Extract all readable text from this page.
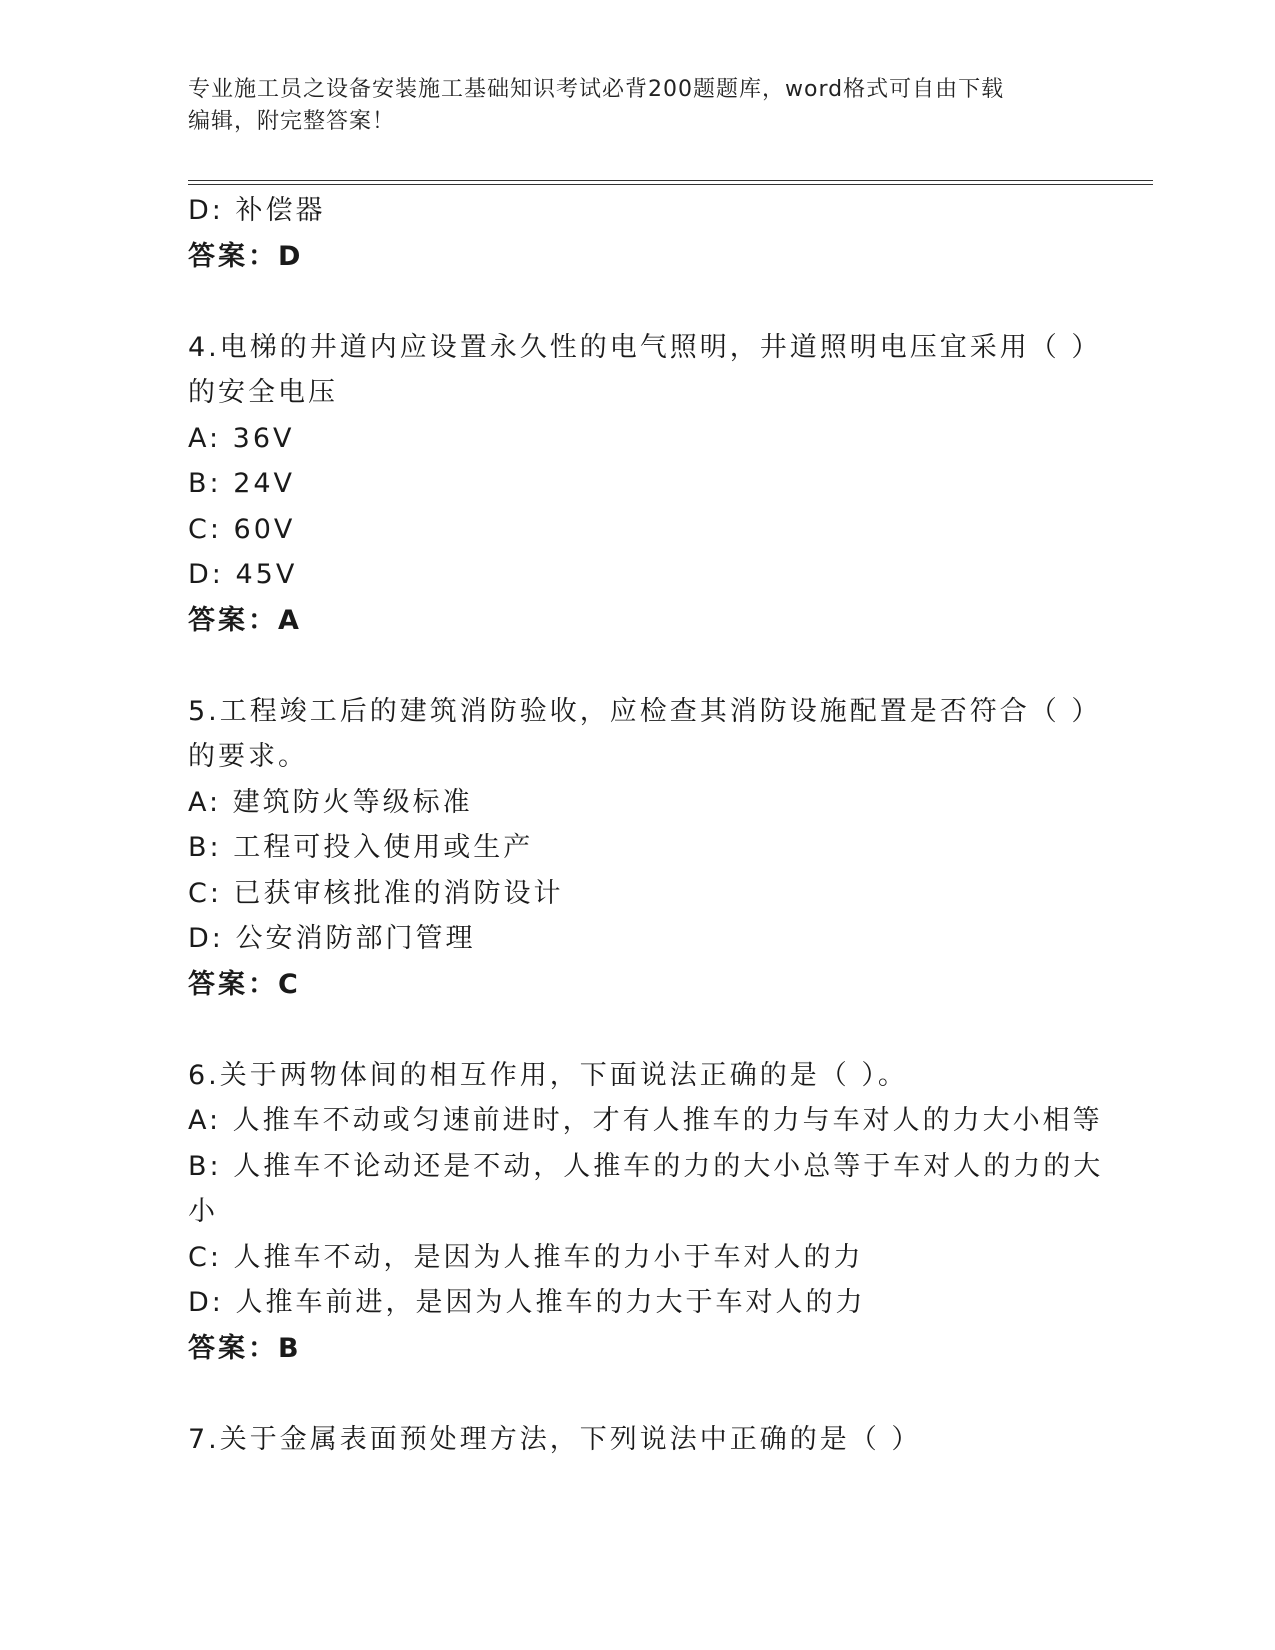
专业施工员之设备安装施工基础知识考试必背200题题库，word格式可自由下载
编辑，附完整答案！
D: 补偿器
答案：D
4.电梯的井道内应设置永久性的电气照明，井道照明电压宜采用（ ）
的安全电压
A: 36V
B: 24V
C: 60V
D: 45V
答案：A
5.工程竣工后的建筑消防验收，应检查其消防设施配置是否符合（ ）
的要求。
A: 建筑防火等级标准
B: 工程可投入使用或生产
C: 已获审核批准的消防设计
D: 公安消防部门管理
答案：C
6.关于两物体间的相互作用，下面说法正确的是（ ）。
A: 人推车不动或匀速前进时，才有人推车的力与车对人的力大小相等
B: 人推车不论动还是不动，人推车的力的大小总等于车对人的力的大
小
C: 人推车不动，是因为人推车的力小于车对人的力
D: 人推车前进，是因为人推车的力大于车对人的力
答案：B
7.关于金属表面预处理方法，下列说法中正确的是（ ）
